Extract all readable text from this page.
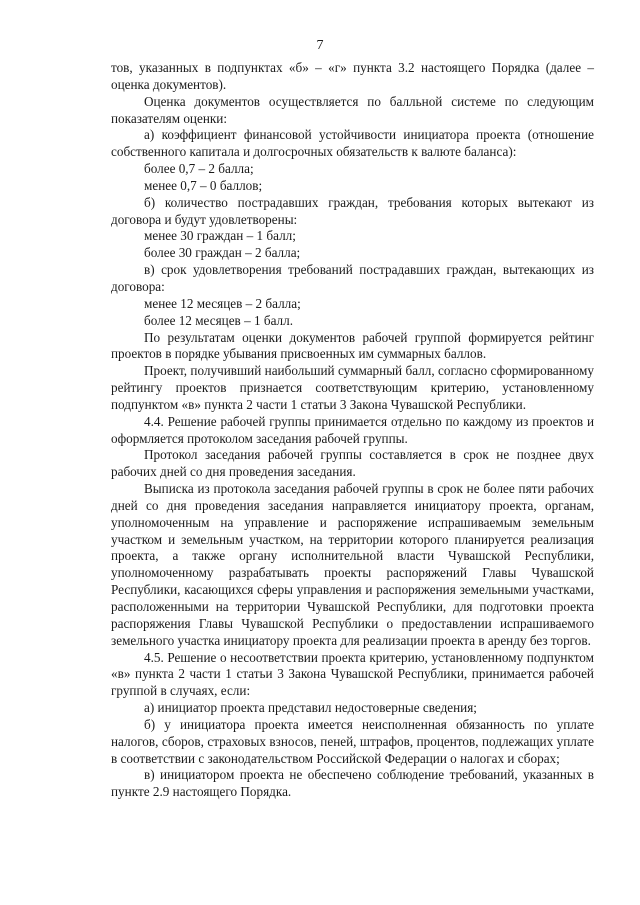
7

тов, указанных в подпунктах «б» – «г» пункта 3.2 настоящего Порядка (далее – оценка документов).

Оценка документов осуществляется по балльной системе по следующим показателям оценки:

а) коэффициент финансовой устойчивости инициатора проекта (отношение собственного капитала и долгосрочных обязательств к валюте баланса):

более 0,7 – 2 балла;

менее 0,7 – 0 баллов;

б) количество пострадавших граждан, требования которых вытекают из договора и будут удовлетворены:

менее 30 граждан – 1 балл;

более 30 граждан – 2 балла;

в) срок удовлетворения требований пострадавших граждан, вытекающих из договора:

менее 12 месяцев – 2 балла;

более 12 месяцев – 1 балл.

По результатам оценки документов рабочей группой формируется рейтинг проектов в порядке убывания присвоенных им суммарных баллов.

Проект, получивший наибольший суммарный балл, согласно сформированному рейтингу проектов признается соответствующим критерию, установленному подпунктом «в» пункта 2 части 1 статьи 3 Закона Чувашской Республики.

4.4. Решение рабочей группы принимается отдельно по каждому из проектов и оформляется протоколом заседания рабочей группы.

Протокол заседания рабочей группы составляется в срок не позднее двух рабочих дней со дня проведения заседания.

Выписка из протокола заседания рабочей группы в срок не более пяти рабочих дней со дня проведения заседания направляется инициатору проекта, органам, уполномоченным на управление и распоряжение испрашиваемым земельным участком и земельным участком, на территории которого планируется реализация проекта, а также органу исполнительной власти Чувашской Республики, уполномоченному разрабатывать проекты распоряжений Главы Чувашской Республики, касающихся сферы управления и распоряжения земельными участками, расположенными на территории Чувашской Республики, для подготовки проекта распоряжения Главы Чувашской Республики о предоставлении испрашиваемого земельного участка инициатору проекта для реализации проекта в аренду без торгов.

4.5. Решение о несоответствии проекта критерию, установленному подпунктом «в» пункта 2 части 1 статьи 3 Закона Чувашской Республики, принимается рабочей группой в случаях, если:

а) инициатор проекта представил недостоверные сведения;

б) у инициатора проекта имеется неисполненная обязанность по уплате налогов, сборов, страховых взносов, пеней, штрафов, процентов, подлежащих уплате в соответствии с законодательством Российской Федерации о налогах и сборах;

в) инициатором проекта не обеспечено соблюдение требований, указанных в пункте 2.9 настоящего Порядка.
